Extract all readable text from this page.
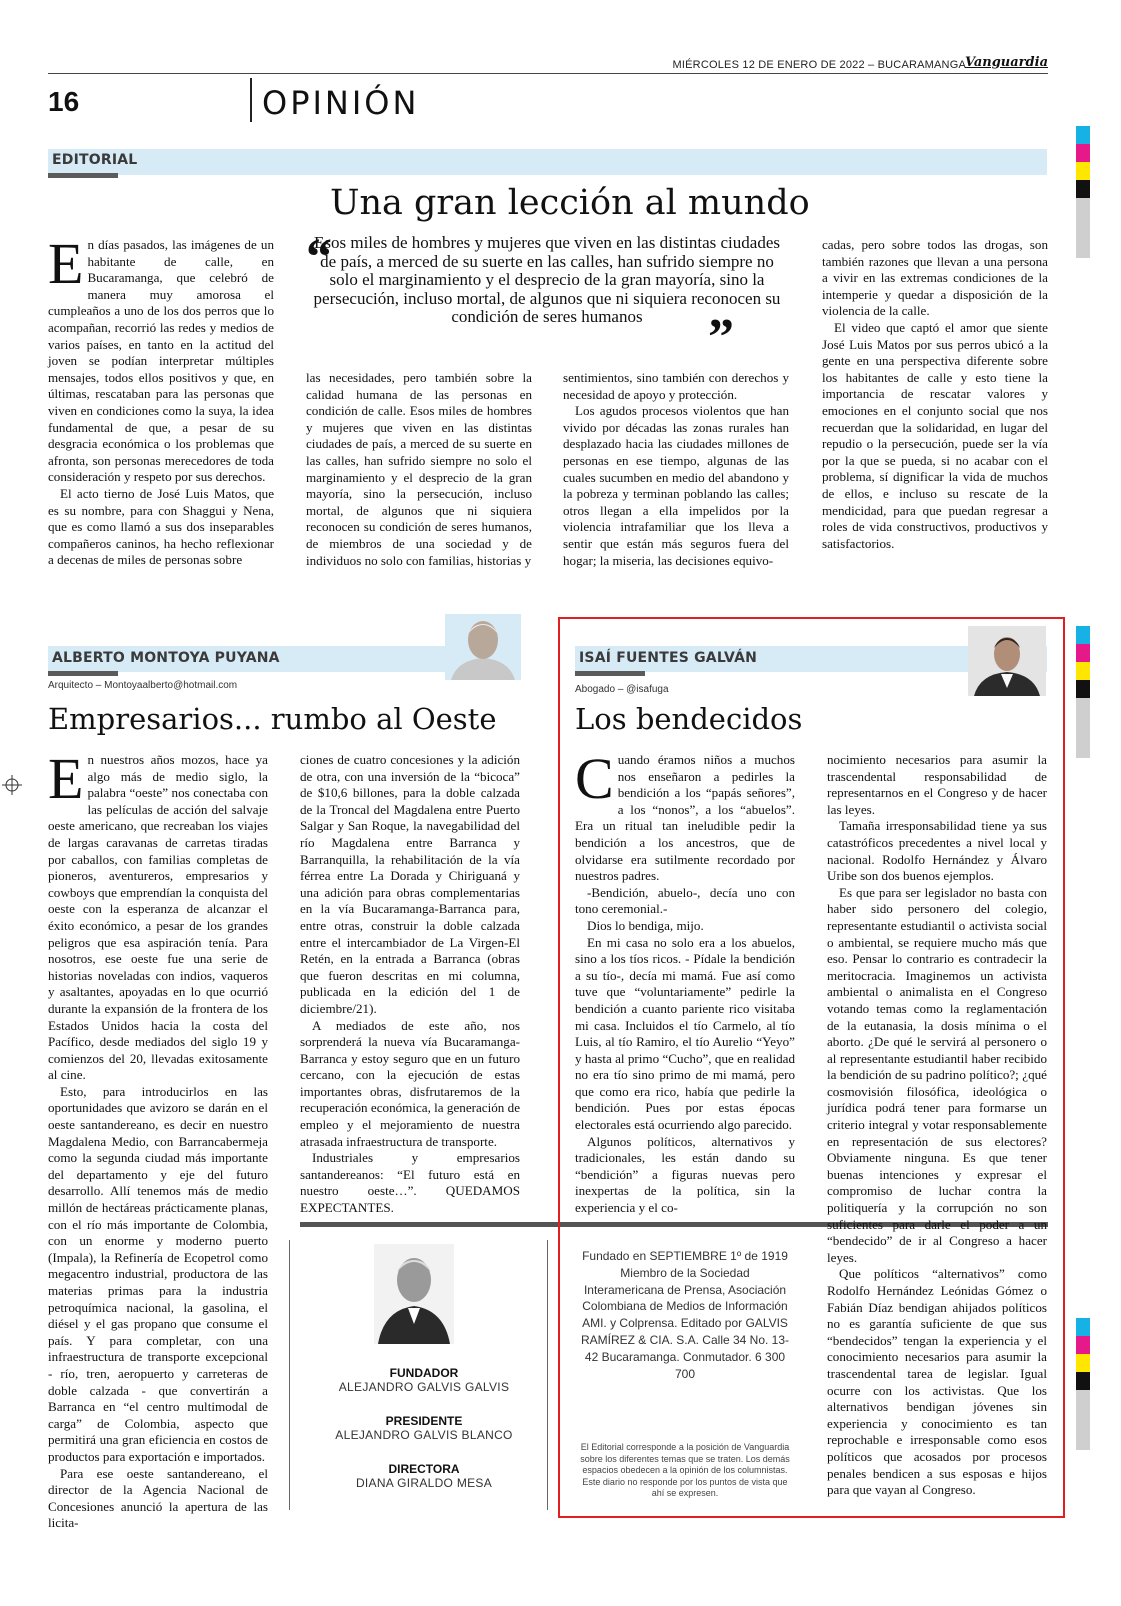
MIÉRCOLES 12 DE ENERO DE 2022 – BUCARAMANGA
Vanguardia
16	OPINIÓN
EDITORIAL
Una gran lección al mundo

En días pasados, las imágenes de un habitante de calle, en Bucaramanga, que celebró de manera muy amorosa el cumpleaños a uno de los dos perros que lo acompañan, recorrió las redes y medios de varios países, en tanto en la actitud del joven se podían interpretar múltiples mensajes, todos ellos positivos y que, en últimas, rescataban para las personas que viven en condiciones como la suya, la idea fundamental de que, a pesar de su desgracia económica o los problemas que afronta, son personas merecedores de toda consideración y respeto por sus derechos.

El acto tierno de José Luis Matos, que es su nombre, para con Shaggui y Nena, que es como llamó a sus dos inseparables compañeros caninos, ha hecho reflexionar a decenas de miles de personas sobre

“
Esos miles de hombres y mujeres que viven en las distintas ciudades de país, a merced de su suerte en las calles, han sufrido siempre no solo el marginamiento y el desprecio de la gran mayoría, sino la persecución, incluso mortal, de algunos que ni siquiera reconocen su condición de seres humanos	”

las necesidades, pero también sobre la calidad humana de las personas en condición de calle. Esos miles de hombres y mujeres que viven en las distintas ciudades de país, a merced de su suerte en las calles, han sufrido siempre no solo el marginamiento y el desprecio de la gran mayoría, sino la persecución, incluso mortal, de algunos que ni siquiera reconocen su condición de seres humanos, de miembros de una sociedad y de individuos no solo con familias, historias y

sentimientos, sino también con derechos y necesidad de apoyo y protección.

Los agudos procesos violentos que han vivido por décadas las zonas rurales han desplazado hacia las ciudades millones de personas en ese tiempo, algunas de las cuales sucumben en medio del abandono y la pobreza y terminan poblando las calles; otros llegan a ella impelidos por la violencia intrafamiliar que los lleva a sentir que están más seguros fuera del hogar; la miseria, las decisiones equivo-

cadas, pero sobre todos las drogas, son también razones que llevan a una persona a vivir en las extremas condiciones de la intemperie y quedar a disposición de la violencia de la calle.

El video que captó el amor que siente José Luis Matos por sus perros ubicó a la gente en una perspectiva diferente sobre los habitantes de calle y esto tiene la importancia de rescatar valores y emociones en el conjunto social que nos recuerdan que la solidaridad, en lugar del repudio o la persecución, puede ser la vía por la que se pueda, si no acabar con el problema, sí dignificar la vida de muchos de ellos, e incluso su rescate de la mendicidad, para que puedan regresar a roles de vida constructivos, productivos y satisfactorios.

ALBERTO MONTOYA PUYANA
Arquitecto – Montoyaalberto@hotmail.com
Empresarios... rumbo al Oeste

En nuestros años mozos, hace ya algo más de medio siglo, la palabra “oeste” nos conectaba con las películas de acción del salvaje oeste americano, que recreaban los viajes de largas caravanas de carretas tiradas por caballos, con familias completas de pioneros, aventureros, empresarios y cowboys que emprendían la conquista del oeste con la esperanza de alcanzar el éxito económico, a pesar de los grandes peligros que esa aspiración tenía. Para nosotros, ese oeste fue una serie de historias noveladas con indios, vaqueros y asaltantes, apoyadas en lo que ocurrió durante la expansión de la frontera de los Estados Unidos hacia la costa del Pacífico, desde mediados del siglo 19 y comienzos del 20, llevadas exitosamente al cine.

Esto, para introducirlos en las oportunidades que avizoro se darán en el oeste santandereano, es decir en nuestro Magdalena Medio, con Barrancabermeja como la segunda ciudad más importante del departamento y eje del futuro desarrollo. Allí tenemos más de medio millón de hectáreas prácticamente planas, con el río más importante de Colombia, con un enorme y moderno puerto (Impala), la Refinería de Ecopetrol como megacentro industrial, productora de las materias primas para la industria petroquímica nacional, la gasolina, el diésel y el gas propano que consume el país. Y para completar, con una infraestructura de transporte excepcional - río, tren, aeropuerto y carreteras de doble calzada - que convertirán a Barranca en “el centro multimodal de carga” de Colombia, aspecto que permitirá una gran eficiencia en costos de productos para exportación e importados.

Para ese oeste santandereano, el director de la Agencia Nacional de Concesiones anunció la apertura de las licita-

ciones de cuatro concesiones y la adición de otra, con una inversión de la “bicoca” de $10,6 billones, para la doble calzada de la Troncal del Magdalena entre Puerto Salgar y San Roque, la navegabilidad del río Magdalena entre Barranca y Barranquilla, la rehabilitación de la vía férrea entre La Dorada y Chiriguaná y una adición para obras complementarias en la vía Bucaramanga-Barranca para, entre otras, construir la doble calzada entre el intercambiador de La Virgen-El Retén, en la entrada a Barranca (obras que fueron descritas en mi columna, publicada en la edición del 1 de diciembre/21).

A mediados de este año, nos sorprenderá la nueva vía Bucaramanga-Barranca y estoy seguro que en un futuro cercano, con la ejecución de estas importantes obras, disfrutaremos de la recuperación económica, la generación de empleo y el mejoramiento de nuestra atrasada infraestructura de transporte.

Industriales y empresarios santandereanos: “El futuro está en nuestro oeste…”. QUEDAMOS EXPECTANTES.

FUNDADOR
ALEJANDRO GALVIS GALVIS
PRESIDENTE
ALEJANDRO GALVIS BLANCO
DIRECTORA
DIANA GIRALDO MESA
Fundado en SEPTIEMBRE 1º de 1919 Miembro de la Sociedad Interamericana de Prensa, Asociación Colombiana de Medios de Información AMI. y Colprensa. Editado por GALVIS RAMÍREZ & CIA. S.A. Calle 34 No. 13-42 Bucaramanga. Conmutador. 6 300 700
El Editorial corresponde a la posición de Vanguardia sobre los diferentes temas que se traten. Los demás espacios obedecen a la opinión de los columnistas. Este diario no responde por los puntos de vista que ahí se expresen.
ISAÍ FUENTES GALVÁN
Abogado – @isafuga
Los bendecidos

Cuando éramos niños a muchos nos enseñaron a pedirles la bendición a los “papás señores”, a los “nonos”, a los “abuelos”. Era un ritual tan ineludible pedir la bendición a los ancestros, que de olvidarse era sutilmente recordado por nuestros padres.

-Bendición, abuelo-, decía uno con tono ceremonial.-

Dios lo bendiga, mijo.

En mi casa no solo era a los abuelos, sino a los tíos ricos. - Pídale la bendición a su tío-, decía mi mamá. Fue así como tuve que “voluntariamente” pedirle la bendición a cuanto pariente rico visitaba mi casa. Incluidos el tío Carmelo, al tío Luis, al tío Ramiro, el tío Aurelio “Yeyo” y hasta al primo “Cucho”, que en realidad no era tío sino primo de mi mamá, pero que como era rico, había que pedirle la bendición. Pues por estas épocas electorales está ocurriendo algo parecido.

Algunos políticos, alternativos y tradicionales, les están dando su “bendición” a figuras nuevas pero inexpertas de la política, sin la experiencia y el co-

nocimiento necesarios para asumir la trascendental responsabilidad de representarnos en el Congreso y de hacer las leyes.

Tamaña irresponsabilidad tiene ya sus catastróficos precedentes a nivel local y nacional. Rodolfo Hernández y Álvaro Uribe son dos buenos ejemplos.

Es que para ser legislador no basta con haber sido personero del colegio, representante estudiantil o activista social o ambiental, se requiere mucho más que eso. Pensar lo contrario es contradecir la meritocracia. Imaginemos un activista ambiental o animalista en el Congreso votando temas como la reglamentación de la eutanasia, la dosis mínima o el aborto. ¿De qué le servirá al personero o al representante estudiantil haber recibido la bendición de su padrino político?; ¿qué cosmovisión filosófica, ideológica o jurídica podrá tener para formarse un criterio integral y votar responsablemente en representación de sus electores? Obviamente ninguna. Es que tener buenas intenciones y expresar el compromiso de luchar contra la politiquería y la corrupción no son suficientes para darle el poder a un “bendecido” de ir al Congreso a hacer leyes.

Que políticos “alternativos” como Rodolfo Hernández Leónidas Gómez o Fabián Díaz bendigan ahijados políticos no es garantía suficiente de que sus “bendecidos” tengan la experiencia y el conocimiento necesarios para asumir la trascendental tarea de legislar. Igual ocurre con los activistas. Que los alternativos bendigan jóvenes sin experiencia y conocimiento es tan reprochable e irresponsable como esos políticos que acosados por procesos penales bendicen a sus esposas e hijos para que vayan al Congreso.
